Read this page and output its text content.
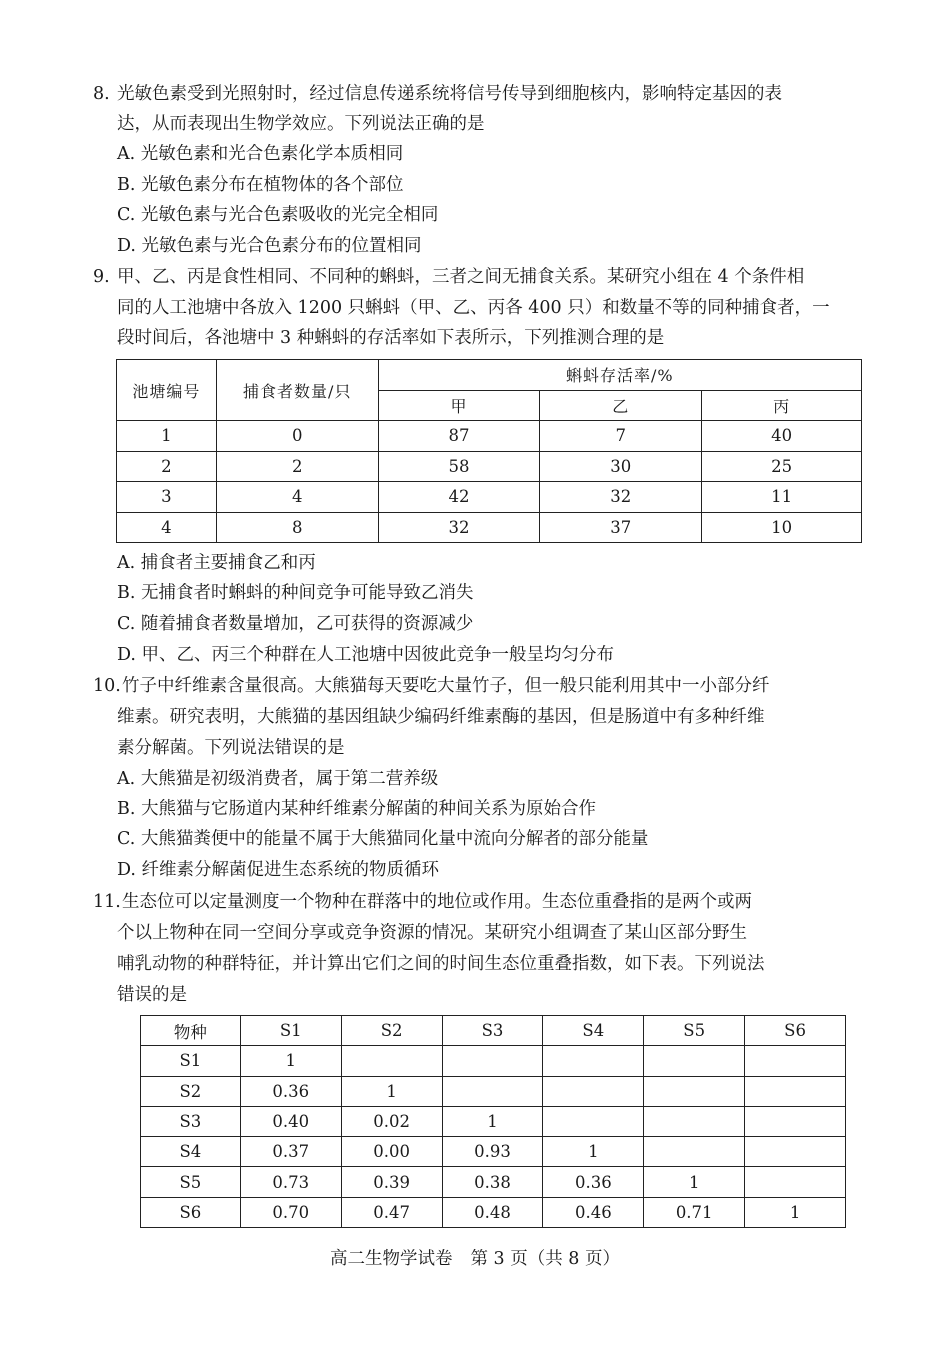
8. 光敏色素受到光照射时，经过信息传递系统将信号传导到细胞核内，影响特定基因的表
达，从而表现出生物学效应。下列说法正确的是
A. 光敏色素和光合色素化学本质相同
B. 光敏色素分布在植物体的各个部位
C. 光敏色素与光合色素吸收的光完全相同
D. 光敏色素与光合色素分布的位置相同
9. 甲、乙、丙是食性相同、不同种的蝌蚪，三者之间无捕食关系。某研究小组在 4 个条件相
同的人工池塘中各放入 1200 只蝌蚪（甲、乙、丙各 400 只）和数量不等的同种捕食者，一
段时间后，各池塘中 3 种蝌蚪的存活率如下表所示，下列推测合理的是
池塘编号	捕食者数量/只	蝌蚪存活率/%		
		甲	乙	丙
1	0	87	7	40
2	2	58	30	25
3	4	42	32	11
4	8	32	37	10
A. 捕食者主要捕食乙和丙
B. 无捕食者时蝌蚪的种间竞争可能导致乙消失
C. 随着捕食者数量增加，乙可获得的资源减少
D. 甲、乙、丙三个种群在人工池塘中因彼此竞争一般呈均匀分布
10. 竹子中纤维素含量很高。大熊猫每天要吃大量竹子，但一般只能利用其中一小部分纤
维素。研究表明，大熊猫的基因组缺少编码纤维素酶的基因，但是肠道中有多种纤维
素分解菌。下列说法错误的是
A. 大熊猫是初级消费者，属于第二营养级
B. 大熊猫与它肠道内某种纤维素分解菌的种间关系为原始合作
C. 大熊猫粪便中的能量不属于大熊猫同化量中流向分解者的部分能量
D. 纤维素分解菌促进生态系统的物质循环
11. 生态位可以定量测度一个物种在群落中的地位或作用。生态位重叠指的是两个或两
个以上物种在同一空间分享或竞争资源的情况。某研究小组调查了某山区部分野生
哺乳动物的种群特征，并计算出它们之间的时间生态位重叠指数，如下表。下列说法
错误的是
物种	S1	S2	S3	S4	S5	S6
S1	1					
S2	0.36	1				
S3	0.40	0.02	1			
S4	0.37	0.00	0.93	1		
S5	0.73	0.39	0.38	0.36	1	
S6	0.70	0.47	0.48	0.46	0.71	1
高二生物学试卷 第 3 页（共 8 页）
